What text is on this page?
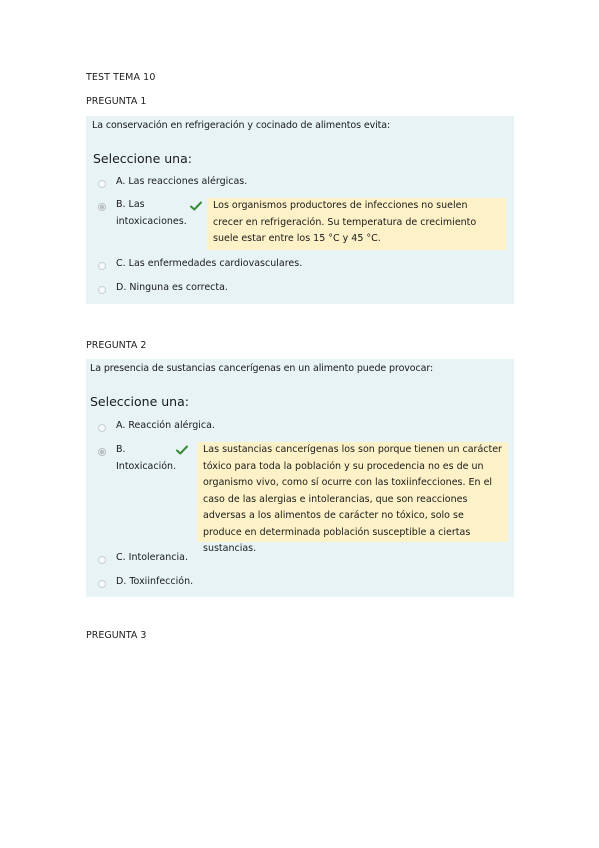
TEST TEMA 10
PREGUNTA 1
La conservación en refrigeración y cocinado de alimentos evita:
Seleccione una:
A. Las reacciones alérgicas.
B. Las intoxicaciones.
Los organismos productores de infecciones no suelen crecer en refrigeración. Su temperatura de crecimiento suele estar entre los 15 °C y 45 °C.
C. Las enfermedades cardiovasculares.
D. Ninguna es correcta.
PREGUNTA 2
La presencia de sustancias cancerígenas en un alimento puede provocar:
Seleccione una:
A. Reacción alérgica.
B. Intoxicación.
Las sustancias cancerígenas los son porque tienen un carácter tóxico para toda la población y su procedencia no es de un organismo vivo, como sí ocurre con las toxiinfecciones. En el caso de las alergias e intolerancias, que son reacciones adversas a los alimentos de carácter no tóxico, solo se produce en determinada población susceptible a ciertas sustancias.
C. Intolerancia.
D. Toxiinfección.
PREGUNTA 3
